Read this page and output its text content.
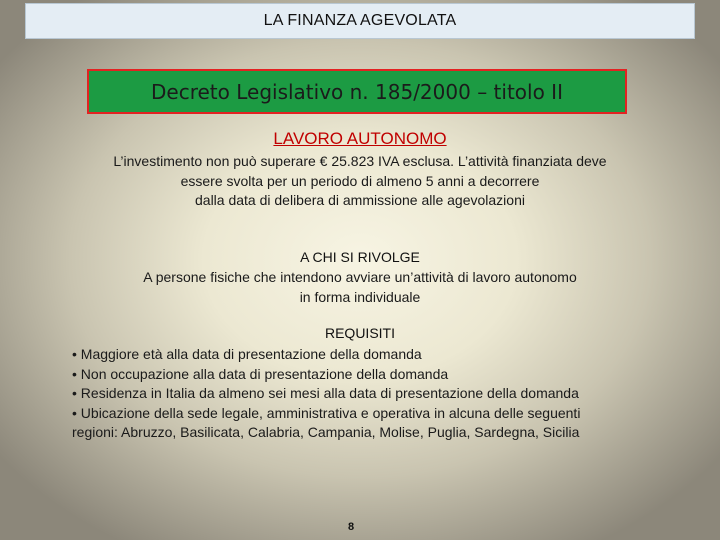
LA FINANZA AGEVOLATA
Decreto Legislativo n. 185/2000 – titolo II
LAVORO AUTONOMO
L’investimento non può superare € 25.823 IVA esclusa. L’attività finanziata deve
essere svolta per un periodo di almeno 5 anni a decorrere
dalla data di delibera di ammissione alle agevolazioni
A CHI SI RIVOLGE
A persone fisiche che intendono avviare un’attività di lavoro autonomo
in forma individuale
REQUISITI
• Maggiore età alla data di presentazione della domanda
• Non occupazione alla data di presentazione della domanda
• Residenza in Italia da almeno sei mesi alla data di presentazione della domanda
• Ubicazione della sede legale, amministrativa e operativa in alcuna delle seguenti
regioni: Abruzzo, Basilicata, Calabria, Campania, Molise, Puglia, Sardegna, Sicilia
8
